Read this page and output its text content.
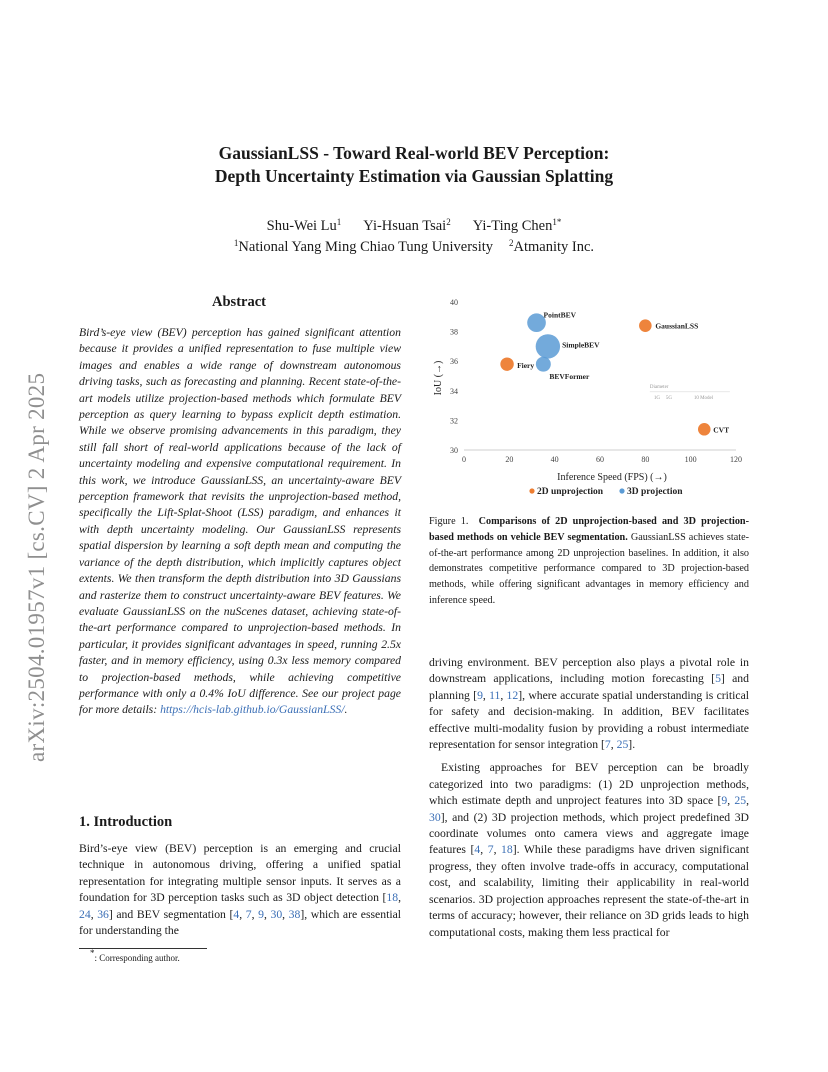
arXiv:2504.01957v1 [cs.CV] 2 Apr 2025
GaussianLSS - Toward Real-world BEV Perception:
Depth Uncertainty Estimation via Gaussian Splatting
Shu-Wei Lu$^1$ Yi-Hsuan Tsai$^2$ Yi-Ting Chen$^{1*}$
$^1$National Yang Ming Chiao Tung University $^2$Atmanity Inc.
Abstract
Bird’s-eye view (BEV) perception has gained significant attention because it provides a unified representation to fuse multiple view images and enables a wide range of downstream autonomous driving tasks, such as forecasting and planning. Recent state-of-the-art models utilize projection-based methods which formulate BEV perception as query learning to bypass explicit depth estimation. While we observe promising advancements in this paradigm, they still fall short of real-world applications because of the lack of uncertainty modeling and expensive computational requirement. In this work, we introduce GaussianLSS, an uncertainty-aware BEV perception framework that revisits the unprojection-based method, specifically the Lift-Splat-Shoot (LSS) paradigm, and enhances it with depth uncertainty modeling. Our GaussianLSS represents spatial dispersion by learning a soft depth mean and computing the variance of the depth distribution, which implicitly captures object extents. We then transform the depth distribution into 3D Gaussians and rasterize them to construct uncertainty-aware BEV features. We evaluate GaussianLSS on the nuScenes dataset, achieving state-of-the-art performance compared to unprojection-based methods. In particular, it provides significant advantages in speed, running 2.5x faster, and in memory efficiency, using 0.3x less memory compared to projection-based methods, while achieving competitive performance with only a 0.4% IoU difference. See our project page for more details: https://hcis-lab.github.io/GaussianLSS/.
1. Introduction
Bird’s-eye view (BEV) perception is an emerging and crucial technique in autonomous driving, offering a unified spatial representation for integrating multiple sensor inputs. It serves as a foundation for 3D perception tasks such as 3D object detection [18, 24, 36] and BEV segmentation [4, 7, 9, 30, 38], which are essential for understanding the
*: Corresponding author.
0	20	40	60	80	100	120
30
32
34
36
38
40
Inference Speed (FPS) (→)
IoU (→)	Diameter
1G 5G	10 Model
Fiery
GaussianLSS
CVT
PointBEV
SimpleBEV
BEVFormer
2D unprojection	3D projection
Figure 1. Comparisons of 2D unprojection-based and 3D projection-based methods on vehicle BEV segmentation. GaussianLSS achieves state-of-the-art performance among 2D unprojection baselines. In addition, it also demonstrates competitive performance compared to 3D projection-based methods, while offering significant advantages in memory efficiency and inference speed.

driving environment. BEV perception also plays a pivotal role in downstream applications, including motion forecasting [5] and planning [9, 11, 12], where accurate spatial understanding is critical for safety and decision-making. In addition, BEV facilitates effective multi-modality fusion by providing a robust intermediate representation for sensor integration [7, 25].

Existing approaches for BEV perception can be broadly categorized into two paradigms: (1) 2D unprojection methods, which estimate depth and unproject features into 3D space [9, 25, 30], and (2) 3D projection methods, which project predefined 3D coordinate volumes onto camera views and aggregate image features [4, 7, 18]. While these paradigms have driven significant progress, they often involve trade-offs in accuracy, computational cost, and scalability, limiting their applicability in real-world scenarios. 3D projection approaches represent the state-of-the-art in terms of accuracy; however, their reliance on 3D grids leads to high computational costs, making them less practical for
